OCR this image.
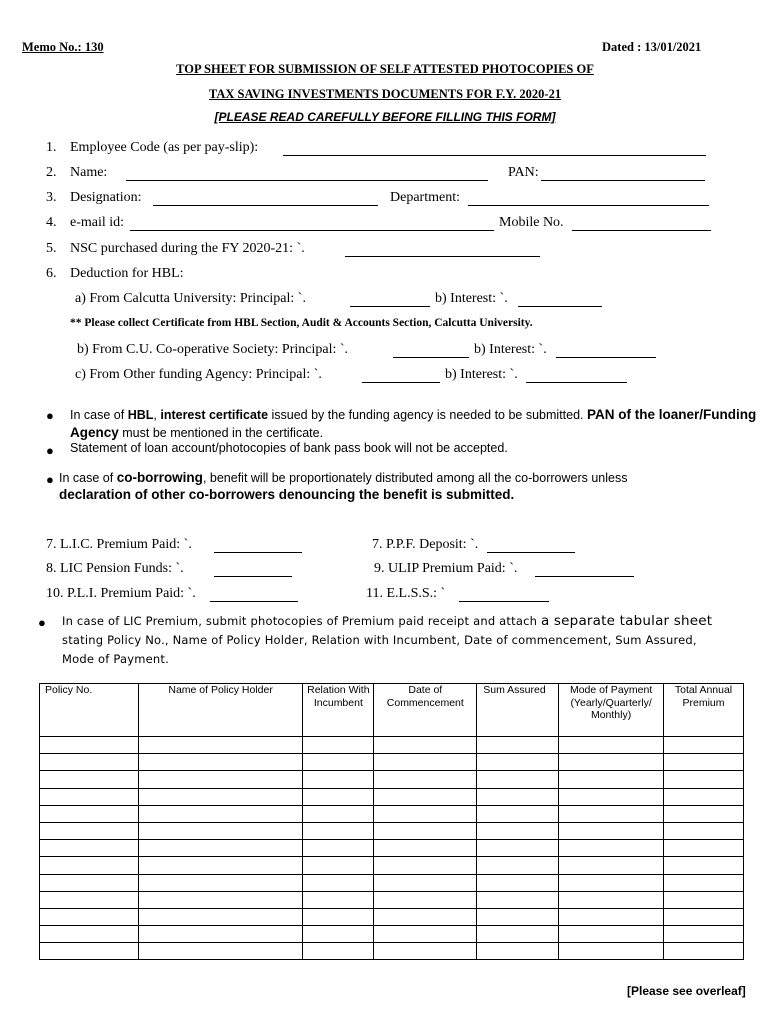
Memo No.: 130	Dated : 13/01/2021
TOP SHEET FOR SUBMISSION OF SELF ATTESTED PHOTOCOPIES OF
TAX SAVING INVESTMENTS DOCUMENTS FOR F.Y. 2020-21
[PLEASE READ CAREFULLY BEFORE FILLING THIS FORM]
1. Employee Code (as per pay-slip):
2. Name:	PAN:
3. Designation:	Department:
4. e-mail id:	Mobile No.
5. NSC purchased during the FY 2020-21: `.
6. Deduction for HBL:
a) From Calcutta University: Principal: `.	b) Interest: `.
** Please collect Certificate from HBL Section, Audit & Accounts Section, Calcutta University.
b) From C.U. Co-operative Society: Principal: `.	b) Interest: `.
c) From Other funding Agency: Principal: `.	b) Interest: `.
● In case of HBL, interest certificate issued by the funding agency is needed to be submitted. PAN of the loaner/Funding Agency must be mentioned in the certificate.
● Statement of loan account/photocopies of bank pass book will not be accepted.
● In case of co-borrowing, benefit will be proportionately distributed among all the co-borrowers unless
declaration of other co-borrowers denouncing the benefit is submitted.
7. L.I.C. Premium Paid: `.	7. P.P.F. Deposit: `.
8. LIC Pension Funds: `.	9. ULIP Premium Paid: `.
10. P.L.I. Premium Paid: `.	11. E.L.S.S.: `
● In case of LIC Premium, submit photocopies of Premium paid receipt and attach a separate tabular sheet
stating Policy No., Name of Policy Holder, Relation with Incumbent, Date of commencement, Sum Assured,
Mode of Payment.
Policy No.	Name of Policy Holder	Relation With Incumbent	Date of Commencement	Sum Assured	Mode of Payment (Yearly/Quarterly/ Monthly)	Total Annual Premium

[Please see overleaf]
